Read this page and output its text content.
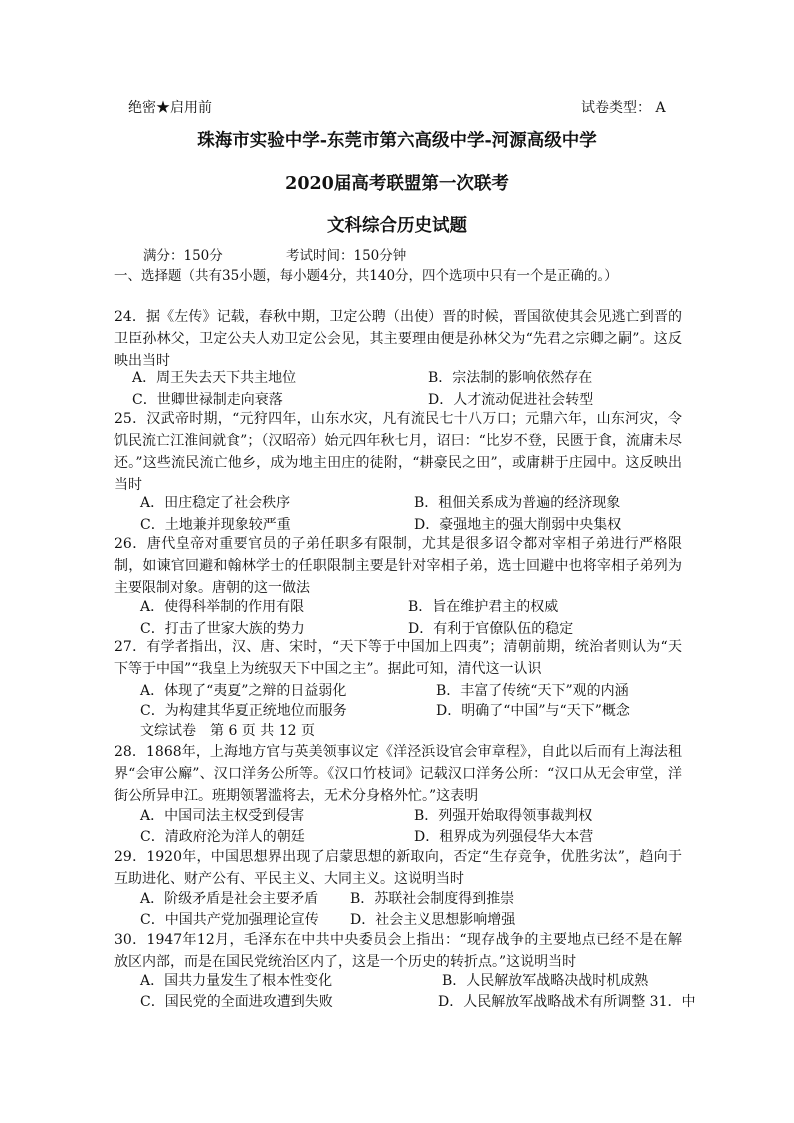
绝密★启用前	试卷类型： A
珠海市实验中学-东莞市第六高级中学-河源高级中学
2020届高考联盟第一次联考
文科综合历史试题
满分：150分	考试时间：150分钟
一、选择题（共有35小题，每小题4分，共140分，四个选项中只有一个是正确的。）

24．据《左传》记载，春秋中期，卫定公聘（出使）晋的时候，晋国欲使其会见逃亡到晋的卫臣孙林父，卫定公夫人劝卫定公会见，其主要理由便是孙林父为“先君之宗卿之嗣”。这反映出当时

A．周王失去天下共主地位	B．宗法制的影响依然存在
C．世卿世禄制走向衰落	D．人才流动促进社会转型

25．汉武帝时期，“元狩四年，山东水灾，凡有流民七十八万口；元鼎六年，山东河灾，令饥民流亡江淮间就食”；（汉昭帝）始元四年秋七月，诏曰：“比岁不登，民匮于食，流庸未尽还。”这些流民流亡他乡，成为地主田庄的徒附，“耕豪民之田”，或庸耕于庄园中。这反映出当时

A．田庄稳定了社会秩序	B．租佃关系成为普遍的经济现象
C．土地兼并现象较严重	D．豪强地主的强大削弱中央集权

26．唐代皇帝对重要官员的子弟任职多有限制，尤其是很多诏令都对宰相子弟进行严格限制，如谏官回避和翰林学士的任职限制主要是针对宰相子弟，选士回避中也将宰相子弟列为主要限制对象。唐朝的这一做法

A．使得科举制的作用有限	B．旨在维护君主的权威
C．打击了世家大族的势力	D．有利于官僚队伍的稳定

27．有学者指出，汉、唐、宋时，“天下等于中国加上四夷”；清朝前期，统治者则认为“天下等于中国”“我皇上为统驭天下中国之主”。据此可知，清代这一认识

A．体现了“夷夏”之辩的日益弱化	B．丰富了传统“天下”观的内涵
C．为构建其华夏正统地位而服务	D．明确了“中国”与“天下”概念
文综试卷　第 6 页 共 12 页

28．1868年，上海地方官与英美领事议定《洋泾浜设官会审章程》，自此以后而有上海法租界“会审公廨”、汉口洋务公所等。《汉口竹枝词》记载汉口洋务公所：“汉口从无会审堂，洋街公所异申江。班期领署滥将去，无术分身格外忙。”这表明

A．中国司法主权受到侵害	B．列强开始取得领事裁判权
C．清政府沦为洋人的朝廷	D．租界成为列强侵华大本营

29．1920年，中国思想界出现了启蒙思想的新取向，否定“生存竞争，优胜劣汰”，趋向于互助进化、财产公有、平民主义、大同主义。这说明当时

A．阶级矛盾是社会主要矛盾 B．苏联社会制度得到推崇
C．中国共产党加强理论宣传 D．社会主义思想影响增强

30．1947年12月，毛泽东在中共中央委员会上指出：“现存战争的主要地点已经不是在解放区内部，而是在国民党统治区内了，这是一个历史的转折点。”这说明当时

A．国共力量发生了根本性变化	B．人民解放军战略决战时机成熟
C．国民党的全面进攻遭到失败	D．人民解放军战略战术有所调整 31．中
